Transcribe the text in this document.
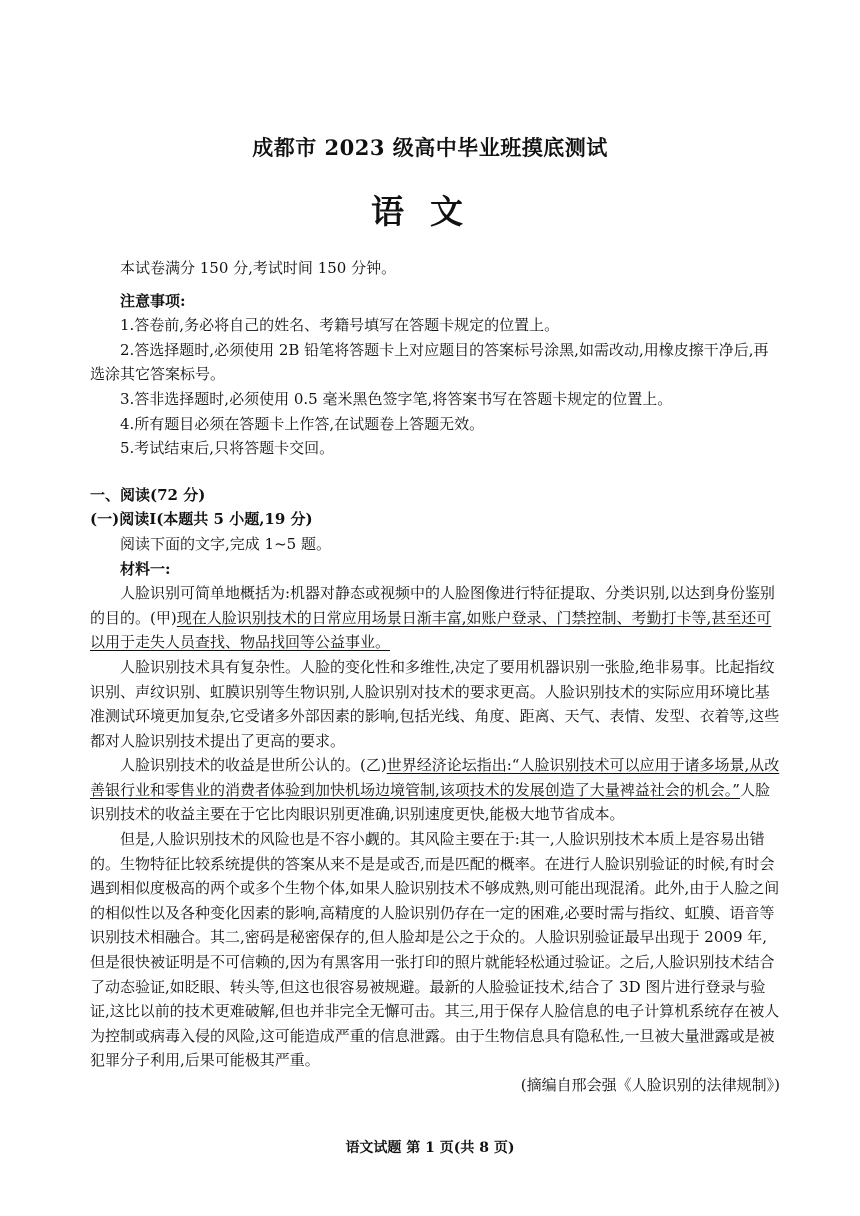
成都市 2023 级高中毕业班摸底测试
语文

本试卷满分 150 分,考试时间 150 分钟。

注意事项:

1.答卷前,务必将自己的姓名、考籍号填写在答题卡规定的位置上。

2.答选择题时,必须使用 2B 铅笔将答题卡上对应题目的答案标号涂黑,如需改动,用橡皮擦干净后,再选涂其它答案标号。

3.答非选择题时,必须使用 0.5 毫米黑色签字笔,将答案书写在答题卡规定的位置上。

4.所有题目必须在答题卡上作答,在试题卷上答题无效。

5.考试结束后,只将答题卡交回。

一、阅读(72 分)

(一)阅读Ⅰ(本题共 5 小题,19 分)

阅读下面的文字,完成 1~5 题。

材料一:

人脸识别可简单地概括为:机器对静态或视频中的人脸图像进行特征提取、分类识别,以达到身份鉴别的目的。(甲)现在人脸识别技术的日常应用场景日渐丰富,如账户登录、门禁控制、考勤打卡等,甚至还可以用于走失人员查找、物品找回等公益事业。

人脸识别技术具有复杂性。人脸的变化性和多维性,决定了要用机器识别一张脸,绝非易事。比起指纹识别、声纹识别、虹膜识别等生物识别,人脸识别对技术的要求更高。人脸识别技术的实际应用环境比基准测试环境更加复杂,它受诸多外部因素的影响,包括光线、角度、距离、天气、表情、发型、衣着等,这些都对人脸识别技术提出了更高的要求。

人脸识别技术的收益是世所公认的。(乙)世界经济论坛指出:“人脸识别技术可以应用于诸多场景,从改善银行业和零售业的消费者体验到加快机场边境管制,该项技术的发展创造了大量裨益社会的机会。”人脸识别技术的收益主要在于它比肉眼识别更准确,识别速度更快,能极大地节省成本。

但是,人脸识别技术的风险也是不容小觑的。其风险主要在于:其一,人脸识别技术本质上是容易出错的。生物特征比较系统提供的答案从来不是是或否,而是匹配的概率。在进行人脸识别验证的时候,有时会遇到相似度极高的两个或多个生物个体,如果人脸识别技术不够成熟,则可能出现混淆。此外,由于人脸之间的相似性以及各种变化因素的影响,高精度的人脸识别仍存在一定的困难,必要时需与指纹、虹膜、语音等识别技术相融合。其二,密码是秘密保存的,但人脸却是公之于众的。人脸识别验证最早出现于 2009 年,但是很快被证明是不可信赖的,因为有黑客用一张打印的照片就能轻松通过验证。之后,人脸识别技术结合了动态验证,如眨眼、转头等,但这也很容易被规避。最新的人脸验证技术,结合了 3D 图片进行登录与验证,这比以前的技术更难破解,但也并非完全无懈可击。其三,用于保存人脸信息的电子计算机系统存在被人为控制或病毒入侵的风险,这可能造成严重的信息泄露。由于生物信息具有隐私性,一旦被大量泄露或是被犯罪分子利用,后果可能极其严重。

(摘编自邢会强《人脸识别的法律规制》)

语文试题 第 1 页(共 8 页)
